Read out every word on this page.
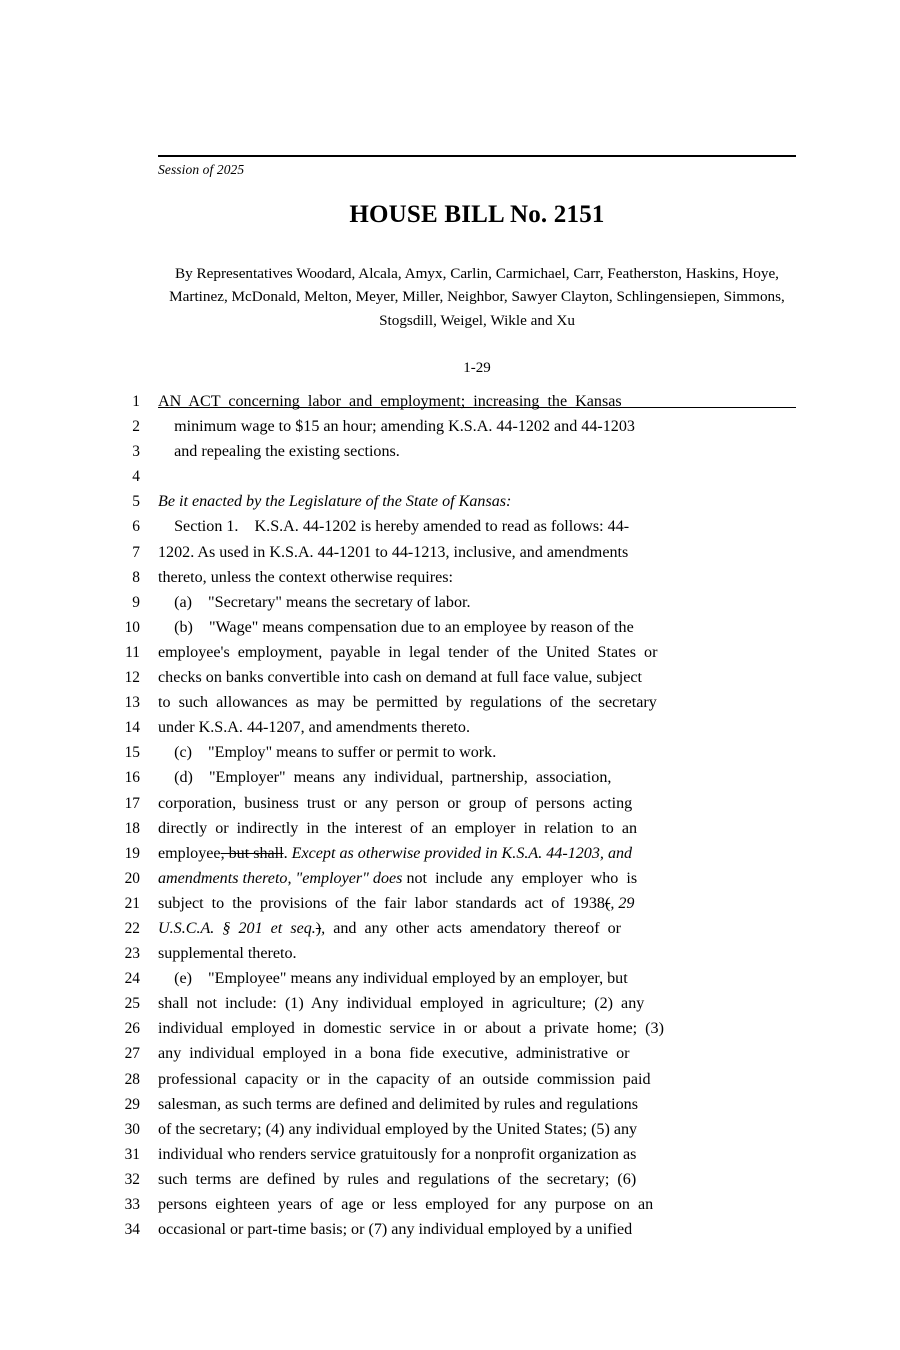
Session of 2025
HOUSE BILL No. 2151
By Representatives Woodard, Alcala, Amyx, Carlin, Carmichael, Carr, Featherston, Haskins, Hoye, Martinez, McDonald, Melton, Meyer, Miller, Neighbor, Sawyer Clayton, Schlingensiepen, Simmons, Stogsdill, Weigel, Wikle and Xu
1-29
1 AN  ACT  concerning  labor  and  employment;  increasing  the  Kansas
2 minimum wage to $15 an hour; amending K.S.A. 44-1202 and 44-1203
3 and repealing the existing sections.
4

5 Be it enacted by the Legislature of the State of Kansas:
6 Section 1.    K.S.A. 44-1202 is hereby amended to read as follows: 44-
7 1202. As used in K.S.A. 44-1201 to 44-1213, inclusive, and amendments
8 thereto, unless the context otherwise requires:
9 (a)    "Secretary" means the secretary of labor.
10 (b)    "Wage" means compensation due to an employee by reason of the
11 employee's  employment,  payable  in  legal  tender  of  the  United  States  or
12 checks on banks convertible into cash on demand at full face value, subject
13 to  such  allowances  as  may  be  permitted  by  regulations  of  the  secretary
14 under K.S.A. 44-1207, and amendments thereto.
15 (c)    "Employ" means to suffer or permit to work.
16 (d)    "Employer"  means  any  individual,  partnership,  association,
17 corporation,  business  trust  or  any  person  or  group  of  persons  acting
18 directly  or  indirectly  in  the  interest  of  an  employer  in  relation  to  an
19 employee, but shall. Except as otherwise provided in K.S.A. 44-1203, and
20 amendments thereto, "employer" does not  include  any  employer  who  is
21 subject  to  the  provisions  of  the  fair  labor  standards  act  of  1938(, 29
22 U.S.C.A.  §  201  et  seq.),  and  any  other  acts  amendatory  thereof  or
23 supplemental thereto.
24 (e)    "Employee" means any individual employed by an employer, but
25 shall  not  include:  (1)  Any  individual  employed  in  agriculture;  (2)  any
26 individual  employed  in  domestic  service  in  or  about  a  private  home;  (3)
27 any  individual  employed  in  a  bona  fide  executive,  administrative  or
28 professional  capacity  or  in  the  capacity  of  an  outside  commission  paid
29 salesman, as such terms are defined and delimited by rules and regulations
30 of the secretary; (4) any individual employed by the United States; (5) any
31 individual who renders service gratuitously for a nonprofit organization as
32 such  terms  are  defined  by  rules  and  regulations  of  the  secretary;  (6)
33 persons  eighteen  years  of  age  or  less  employed  for  any  purpose  on  an
34 occasional or part-time basis; or (7) any individual employed by a unified
